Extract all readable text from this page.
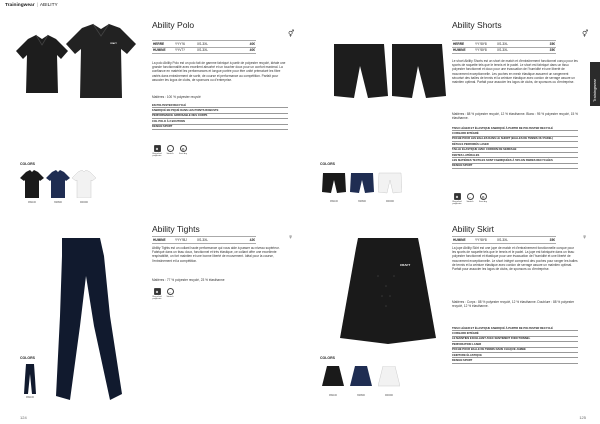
Trainingwear | ABILITY
Trainingwear
CRAFT
Ability Polo
⚥
HERRE	YYY?6	XS-3XL	40€
HUMINE	YYV7?	XS-3XL	40€
La polo Ability Polo est un polo fait de gamme fabriqué à partir de polyester recyclé, idéale une grande fonctionnalité avec excellent absorbé et un toucher doux pour un confort maximal. La confiance en matériel les performances et longue portée pour être unité prématuré les fibre variés dans entraînement de sortir, de course et performance au compétition. Parfait pour associer les logos de clubs, de sponsors ou d'entreprise.
Matières : 100 % polyester recyclé
EN POLYESTER RECYCLÉ
FABRIQUÉ EN PIQUÉ DANS LES POINTS ROBUSTE
PERFORMANCE ARROSABLE DES CORPS
COL POLO À 2 BOUTONS
DESIGN SPORT
♻
Recycled polyester
↔
Stretch
◎
Fast dry
COLORS
999100	396800	900000
Ability Shorts
⚥
HERRE	YY?8Y8	XS-3XL	35€
HUMINE	YY?8Y8	XS-3XL	35€
Le short Ability Shorts est un short de match et d'entraînement fonctionnel conçu pour les sports de raquette tels que le tennis et le padel. Le short est fabriqué dans un tissu polyester fonctionnel et doux pour une évacuation de l'humidité et une liberté de mouvement exceptionnelle. Les poches en mesh élastique assurent un rangement sécurisé des balles de tennis et la ceinture élastique avec cordon de serrage assure un maintien optimal. Parfait pour associer les logos de clubs, de sponsors ou d'entreprise.
Matières : 88 % polyester recyclé, 12 % élasthanne. Blanc : 95 % polyester recyclé, 15 % élasthanne.
TISSU LÉGER ET ÉLASTIQUE FABRIQUÉ À PARTIR DE POLYESTER RECYCLÉ
CUISSARD INTÉGRÉ
POCHE POUR LES BALLES DANS LE SHORT (BALLES DE TENNIS OU PADEL)
DÉTAILS PERFORÉS LASER
TAILLE ÉLASTIQUE AVEC CORDON DE SERRAGE
FENTES LATÉRALES
LES MATIÈRES TEXTILES SONT FABRIQUÉES À 50% EN FIBRES RECYCLÉES
DESIGN SPORT
♻
Recycled polyester
↔
Stretch
◎
Fast dry
COLORS
999100	396800	900000
Ability Tights
♀
HUMINE	YYY?BJ	XS-3XL	42€
Ability Tights est un collant haute performance qui vous aide à passer au niveau supérieur. Fabriqué dans un tissu doux, fonctionnel et très élastique, ce collant offre une excellente respirabilité, un fort maintien et une bonne liberté de mouvement. Idéal pour la course, l'entraînement et la compétition.
Matières : 77 % polyester recyclé, 23 % élasthanne
♻
Recycled polyester
↔
Stretch
COLORS
999100
CRAFT
Ability Skirt
♀
HUMINE	YY?8Y8	XS-3XL	35€
La jupe Ability Skirt est une jupe de match et d'entraînement fonctionnelle conçue pour les sports de raquette tels que le tennis et le padel. La jupe est fabriquée dans un tissu polyester fonctionnel et élastique pour une évacuation de l'humidité et une liberté de mouvement exceptionnelle. Le short intégré comprend des poches pour ranger les balles de tennis et la ceinture élastique avec cordon de serrage assure un maintien optimal. Parfait pour associer les logos de clubs, de sponsors ou d'entreprise.
Matières : Corps : 88 % polyester recyclé, 12 % élasthanne. Doublure : 88 % polyester recyclé, 12 % élasthanne.
TISSU LÉGER ET ÉLASTIQUE FABRIQUÉ À PARTIR DE POLYESTER RECYCLÉ
CUISSARD INTÉGRÉ
LE MAINTIEN EXCELLENT AVEC SENTIMENT FONCTIONNEL
PERFORATION LASER
POCHE POUR BALLE DE TENNIS DANS CHAQUE JAMBE
CEINTURE ÉLASTIQUE
DESIGN SPORT
COLORS
999100	396800	900000
124	125
